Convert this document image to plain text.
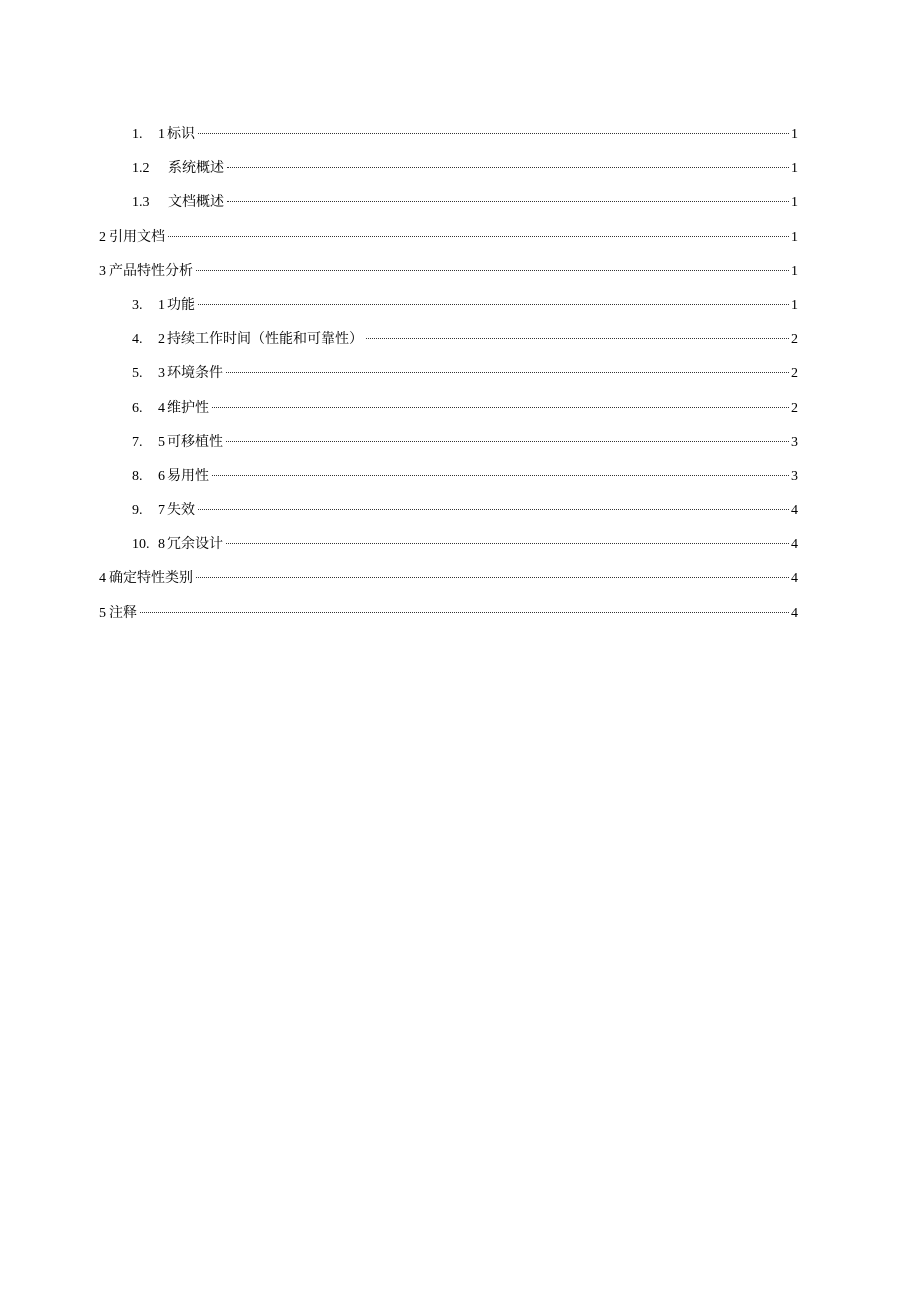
1.	1 标识	1
1.2	系统概述	1
1.3	文档概述	1
2 引用文档	1
3 产品特性分析	1
3.	1 功能	1
4.	2 持续工作时间（性能和可靠性）	2
5.	3 环境条件	2
6.	4 维护性	2
7.	5 可移植性	3
8.	6 易用性	3
9.	7 失效	4
10. 8 冗余设计	4
4 确定特性类别	4
5 注释	4
